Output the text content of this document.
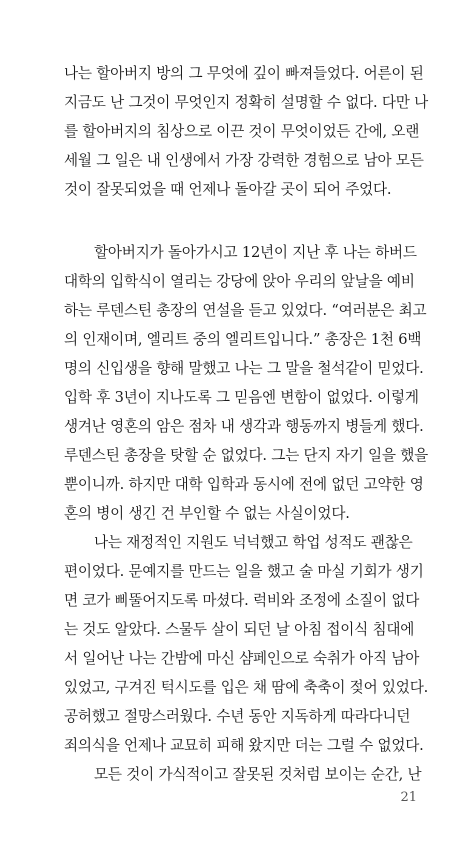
나는 할아버지 방의 그 무엇에 깊이 빠져들었다. 어른이 된
지금도 난 그것이 무엇인지 정확히 설명할 수 없다. 다만 나
를 할아버지의 침상으로 이끈 것이 무엇이었든 간에, 오랜
세월 그 일은 내 인생에서 가장 강력한 경험으로 남아 모든
것이 잘못되었을 때 언제나 돌아갈 곳이 되어 주었다.
할아버지가 돌아가시고 12년이 지난 후 나는 하버드
대학의 입학식이 열리는 강당에 앉아 우리의 앞날을 예비
하는 루덴스틴 총장의 연설을 듣고 있었다. “여러분은 최고
의 인재이며, 엘리트 중의 엘리트입니다.” 총장은 1천 6백
명의 신입생을 향해 말했고 나는 그 말을 철석같이 믿었다.
입학 후 3년이 지나도록 그 믿음엔 변함이 없었다. 이렇게
생겨난 영혼의 암은 점차 내 생각과 행동까지 병들게 했다.
루덴스틴 총장을 탓할 순 없었다. 그는 단지 자기 일을 했을
뿐이니까. 하지만 대학 입학과 동시에 전에 없던 고약한 영
혼의 병이 생긴 건 부인할 수 없는 사실이었다.
나는 재정적인 지원도 넉넉했고 학업 성적도 괜찮은
편이었다. 문예지를 만드는 일을 했고 술 마실 기회가 생기
면 코가 삐뚤어지도록 마셨다. 럭비와 조정에 소질이 없다
는 것도 알았다. 스물두 살이 되던 날 아침 접이식 침대에
서 일어난 나는 간밤에 마신 샴페인으로 숙취가 아직 남아
있었고, 구겨진 턱시도를 입은 채 땀에 축축이 젖어 있었다.
공허했고 절망스러웠다. 수년 동안 지독하게 따라다니던
죄의식을 언제나 교묘히 피해 왔지만 더는 그럴 수 없었다.
모든 것이 가식적이고 잘못된 것처럼 보이는 순간, 난
21
